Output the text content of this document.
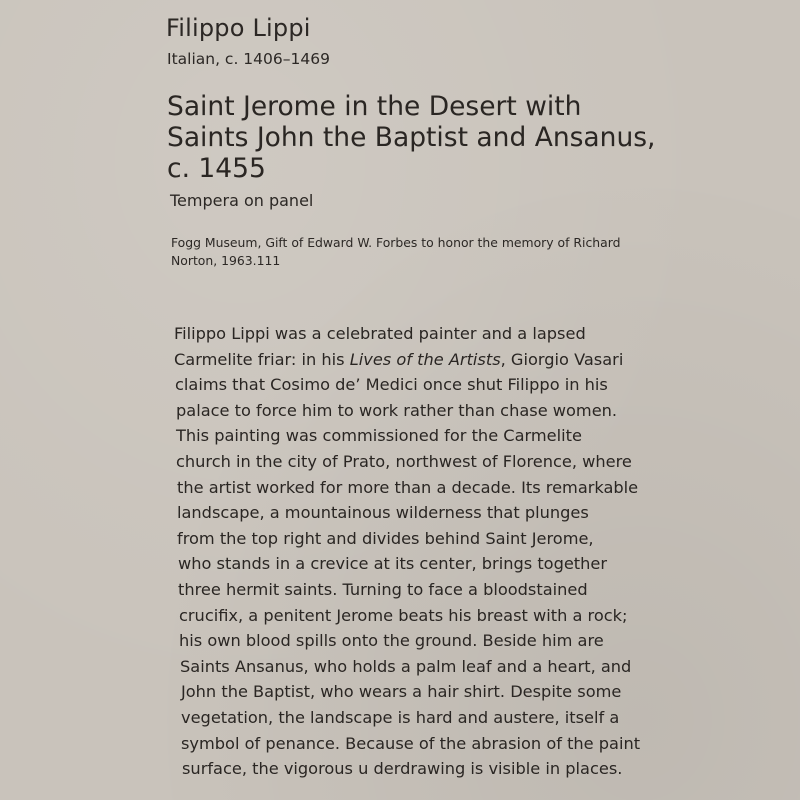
Filippo Lippi
Italian, c. 1406–1469
Saint Jerome in the Desert with
Saints John the Baptist and Ansanus,
c. 1455
Tempera on panel
Fogg Museum, Gift of Edward W. Forbes to honor the memory of Richard
Norton, 1963.111
Filippo Lippi was a celebrated painter and a lapsed
Carmelite friar: in his Lives of the Artists, Giorgio Vasari
claims that Cosimo de’ Medici once shut Filippo in his
palace to force him to work rather than chase women.
This painting was commissioned for the Carmelite
church in the city of Prato, northwest of Florence, where
the artist worked for more than a decade. Its remarkable
landscape, a mountainous wilderness that plunges
from the top right and divides behind Saint Jerome,
who stands in a crevice at its center, brings together
three hermit saints. Turning to face a bloodstained
crucifix, a penitent Jerome beats his breast with a rock;
his own blood spills onto the ground. Beside him are
Saints Ansanus, who holds a palm leaf and a heart, and
John the Baptist, who wears a hair shirt. Despite some
vegetation, the landscape is hard and austere, itself a
symbol of penance. Because of the abrasion of the paint
surface, the vigorous u derdrawing is visible in places.
